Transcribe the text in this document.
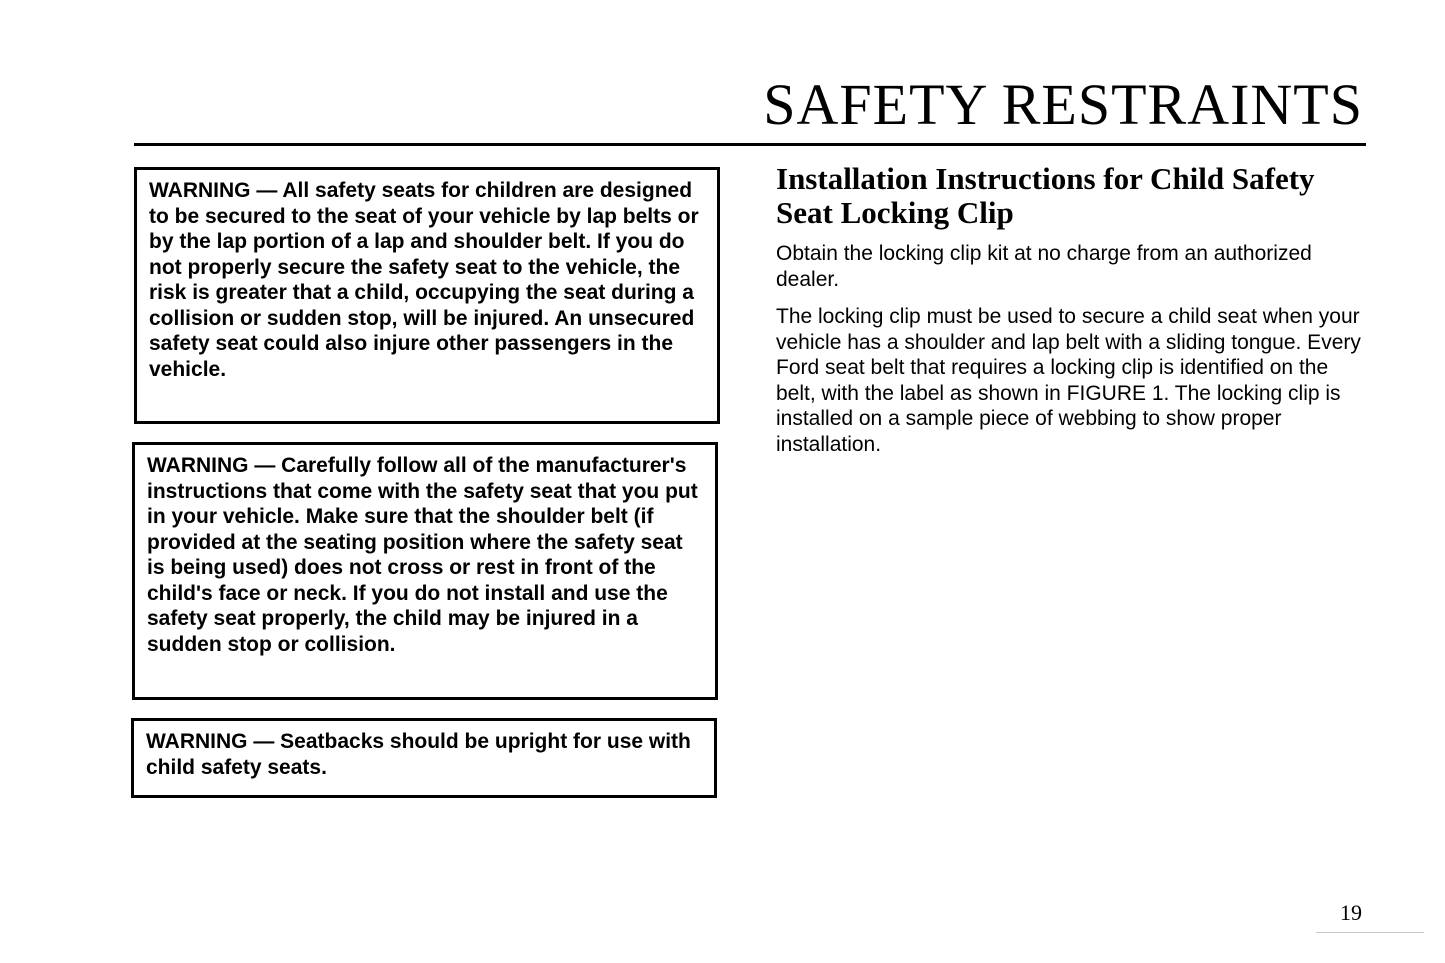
SAFETY RESTRAINTS

WARNING — All safety seats for children are designed to be secured to the seat of your vehicle by lap belts or by the lap portion of a lap and shoulder belt. If you do not properly secure the safety seat to the vehicle, the risk is greater that a child, occupying the seat during a collision or sudden stop, will be injured. An unsecured safety seat could also injure other passengers in the vehicle.

WARNING — Carefully follow all of the manufacturer's instructions that come with the safety seat that you put in your vehicle. Make sure that the shoulder belt (if provided at the seating position where the safety seat is being used) does not cross or rest in front of the child's face or neck. If you do not install and use the safety seat properly, the child may be injured in a sudden stop or collision.

WARNING — Seatbacks should be upright for use with child safety seats.

Installation Instructions for Child Safety Seat Locking Clip

Obtain the locking clip kit at no charge from an authorized dealer.

The locking clip must be used to secure a child seat when your vehicle has a shoulder and lap belt with a sliding tongue. Every Ford seat belt that requires a locking clip is identified on the belt, with the label as shown in FIGURE 1. The locking clip is installed on a sample piece of webbing to show proper installation.

19
